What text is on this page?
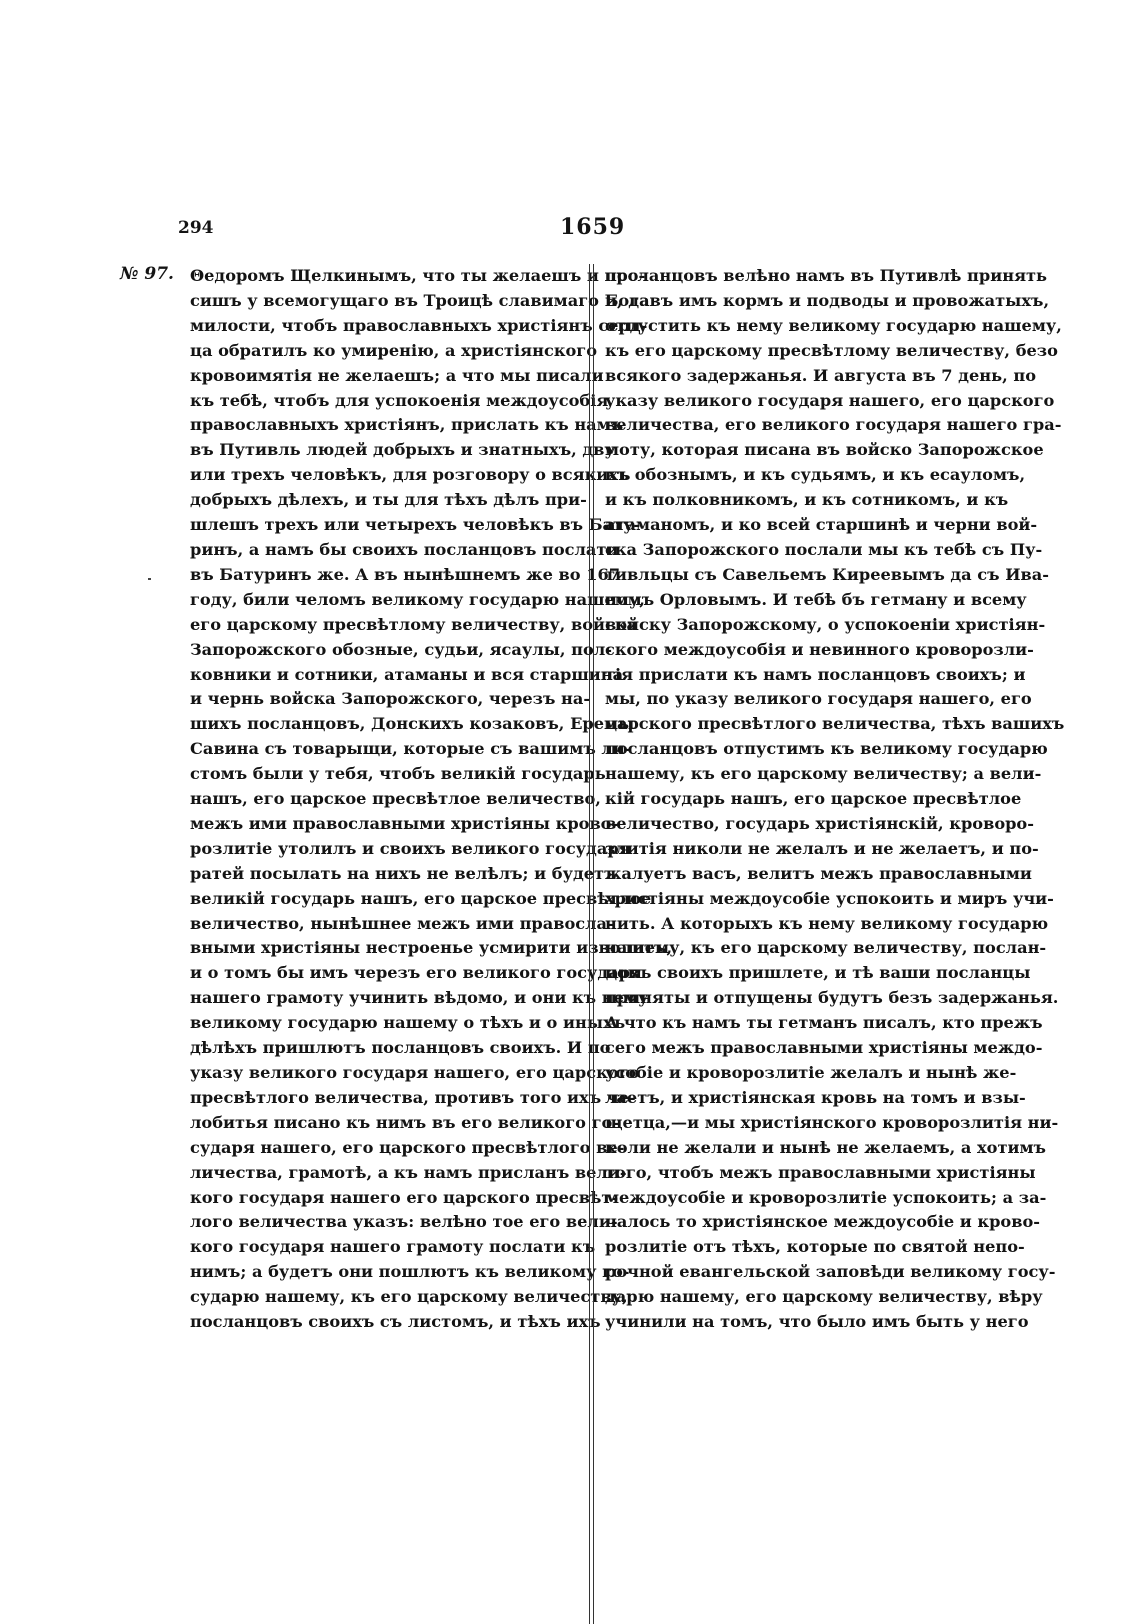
294	1659
№ 97. Θедоромъ Щелкинымъ, что ты желаешъ и про-
сишъ у всемогущаго въ Троицѣ славимаго Бога
милости, чтобъ православныхъ христіянъ серд-
ца обратилъ ко умиренію, а христіянского
кровоимятія не желаешъ; а что мы писали
къ тебѣ, чтобъ для успокоенія междоусобія
православныхъ христіянъ, прислать къ намъ
въ Путивль людей добрыхъ и знатныхъ, дву
или трехъ человѣкъ, для розговору о всякихъ
добрыхъ дѣлехъ, и ты для тѣхъ дѣлъ при-
шлешъ трехъ или четырехъ человѣкъ въ Бату-
ринъ, а намъ бы своихъ посланцовъ послати
въ Батуринъ же. А въ нынѣшнемъ же во 167
году, били челомъ великому государю нашему,
его царскому пресвѣтлому величеству, войска
Запорожского обозные, судьи, ясаулы, пол-
ковники и сотники, атаманы и вся старшина
и чернь войска Запорожского, черезъ на-
шихъ посланцовъ, Донскихъ козаковъ, Еремы
Савина съ товарыщи, которые съ вашимъ ли-
стомъ были у тебя, чтобъ великій государь
нашъ, его царское пресвѣтлое величество,
межъ ими православными христіяны крово-
розлитіе утолилъ и своихъ великого государя
ратей посылать на нихъ не велѣлъ; и будетъ
великій государь нашъ, его царское пресвѣтлое
величество, нынѣшнее межъ ими правосла-
вными христіяны нестроенье усмирити изволитъ,
и о томъ бы имъ черезъ его великого государя
нашего грамоту учинить вѣдомо, и они къ нему
великому государю нашему о тѣхъ и о иныхъ
дѣлѣхъ пришлютъ посланцовъ своихъ. И по
указу великого государя нашего, его царского
пресвѣтлого величества, противъ того ихъ че-
лобитья писано къ нимъ въ его великого го-
сударя нашего, его царского пресвѣтлого ве-
личества, грамотѣ, а къ намъ присланъ вели-
кого государя нашего его царского пресвѣт-
лого величества указъ: велѣно тое его вели-
кого государя нашего грамоту послати къ
нимъ; а будетъ они пошлютъ къ великому го-
сударю нашему, къ его царскому величеству,
посланцовъ своихъ съ листомъ, и тѣхъ ихъ
посланцовъ велѣно намъ въ Путивлѣ принять
и, давъ имъ кормъ и подводы и провожатыхъ,
отпустить къ нему великому государю нашему,
къ его царскому пресвѣтлому величеству, безо
всякого задержанья. И августа въ 7 день, по
указу великого государя нашего, его царского
величества, его великого государя нашего гра-
моту, которая писана въ войско Запорожское
къ обознымъ, и къ судьямъ, и къ есауломъ,
и къ полковникомъ, и къ сотникомъ, и къ
атаманомъ, и ко всей старшинѣ и черни вой-
ска Запорожского послали мы къ тебѣ съ Пу-
тивльцы съ Савельемъ Киреевымъ да съ Ива-
номъ Орловымъ. И тебѣ бъ гетману и всему
войску Запорожскому, о успокоеніи христіян-
ского междоусобія и невинного кроворозли-
тія прислати къ намъ посланцовъ своихъ; и
мы, по указу великого государя нашего, его
царского пресвѣтлого величества, тѣхъ вашихъ
посланцовъ отпустимъ къ великому государю
нашему, къ его царскому величеству; а вели-
кій государь нашъ, его царское пресвѣтлое
величество, государь христіянскій, кроворо-
злитія николи не желалъ и не желаетъ, и по-
жалуетъ васъ, велитъ межъ православными
христіяны междоусобіе успокоить и миръ учи-
нить. А которыхъ къ нему великому государю
нашему, къ его царскому величеству, послан-
цовъ своихъ пришлете, и тѣ ваши посланцы
приняты и отпущены будутъ безъ задержанья.
А что къ намъ ты гетманъ писалъ, кто прежъ
сего межъ православными христіяны междо-
усобіе и кроворозлитіе желалъ и нынѣ же-
лаетъ, и христіянская кровь на томъ и взы-
щетца,—и мы христіянского кроворозлитія ни-
коли не желали и нынѣ не желаемъ, а хотимъ
того, чтобъ межъ православными христіяны
междоусобіе и кроворозлитіе успокоить; а за-
чалось то христіянское междоусобіе и крово-
розлитіе отъ тѣхъ, которые по святой непо-
рочной евангельской заповѣди великому госу-
дарю нашему, его царскому величеству, вѣру
учинили на томъ, что было имъ быть у него
